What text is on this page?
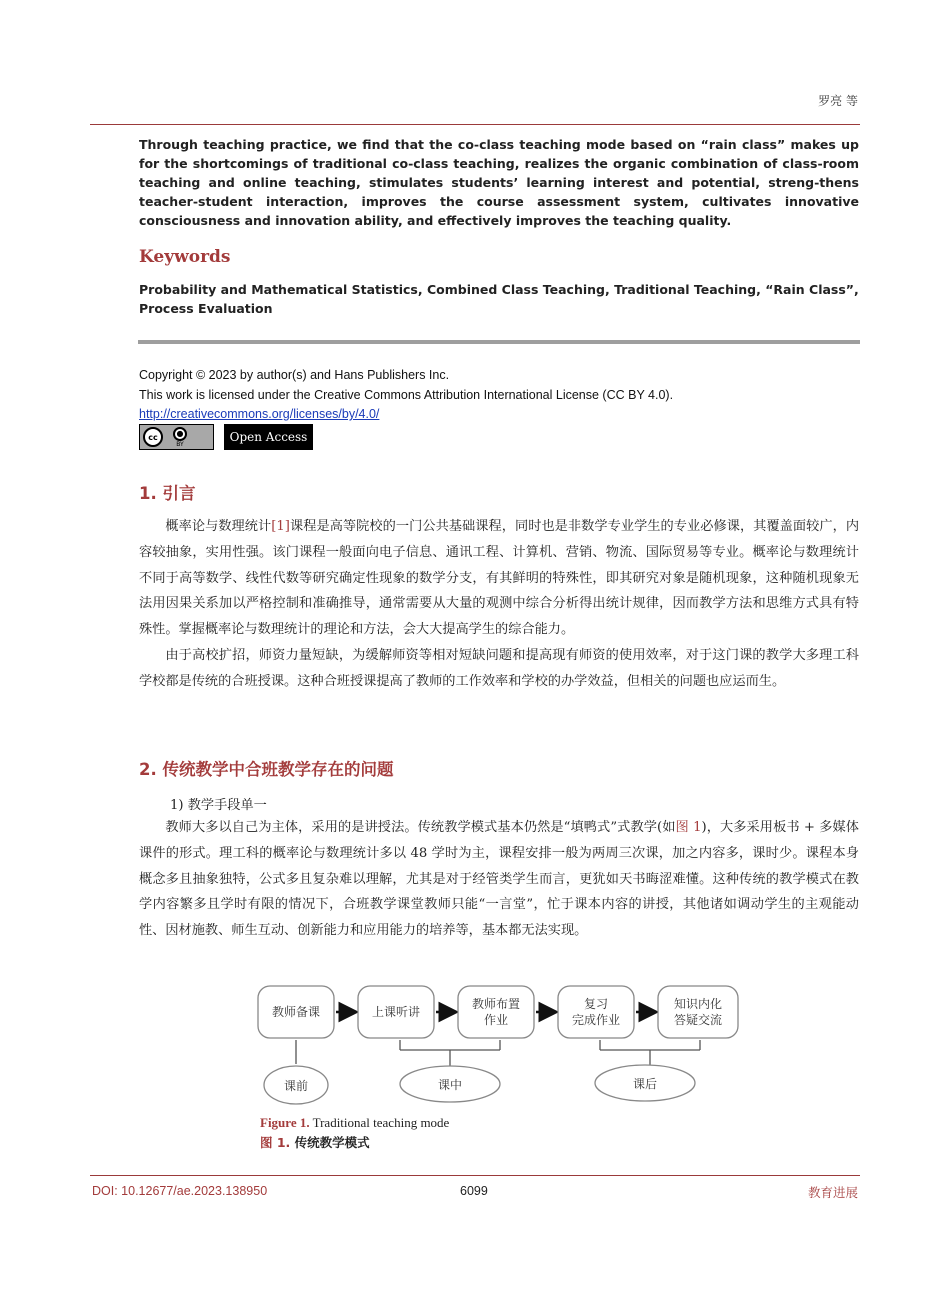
罗亮 等
Through teaching practice, we find that the co-class teaching mode based on “rain class” makes up for the shortcomings of traditional co-class teaching, realizes the organic combination of class-room teaching and online teaching, stimulates students’ learning interest and potential, streng-thens teacher-student interaction, improves the course assessment system, cultivates innovative consciousness and innovation ability, and effectively improves the teaching quality.
Keywords
Probability and Mathematical Statistics, Combined Class Teaching, Traditional Teaching, “Rain Class”, Process Evaluation
Copyright © 2023 by author(s) and Hans Publishers Inc.
This work is licensed under the Creative Commons Attribution International License (CC BY 4.0).
http://creativecommons.org/licenses/by/4.0/
cc	●
BY	Open Access
1. 引言

概率论与数理统计[1]课程是高等院校的一门公共基础课程，同时也是非数学专业学生的专业必修课，其覆盖面较广，内容较抽象，实用性强。该门课程一般面向电子信息、通讯工程、计算机、营销、物流、国际贸易等专业。概率论与数理统计不同于高等数学、线性代数等研究确定性现象的数学分支，有其鲜明的特殊性，即其研究对象是随机现象，这种随机现象无法用因果关系加以严格控制和准确推导，通常需要从大量的观测中综合分析得出统计规律，因而教学方法和思维方式具有特殊性。掌握概率论与数理统计的理论和方法，会大大提高学生的综合能力。

由于高校扩招，师资力量短缺，为缓解师资等相对短缺问题和提高现有师资的使用效率，对于这门课的教学大多理工科学校都是传统的合班授课。这种合班授课提高了教师的工作效率和学校的办学效益，但相关的问题也应运而生。

2. 传统教学中合班教学存在的问题
1) 教学手段单一

教师大多以自己为主体，采用的是讲授法。传统教学模式基本仍然是“填鸭式”式教学(如图 1)，大多采用板书 + 多媒体课件的形式。理工科的概率论与数理统计多以 48 学时为主，课程安排一般为两周三次课，加之内容多，课时少。课程本身概念多且抽象独特，公式多且复杂难以理解，尤其是对于经管类学生而言，更犹如天书晦涩难懂。这种传统的教学模式在教学内容繁多且学时有限的情况下，合班教学课堂教师只能“一言堂”，忙于课本内容的讲授，其他诸如调动学生的主观能动性、因材施教、师生互动、创新能力和应用能力的培养等，基本都无法实现。

教师备课	上课听讲
教师布置
作业
复习
完成作业
知识内化
答疑交流
课前	课中	课后
Figure 1. Traditional teaching mode
图 1. 传统教学模式
DOI: 10.12677/ae.2023.138950	6099	教育进展
